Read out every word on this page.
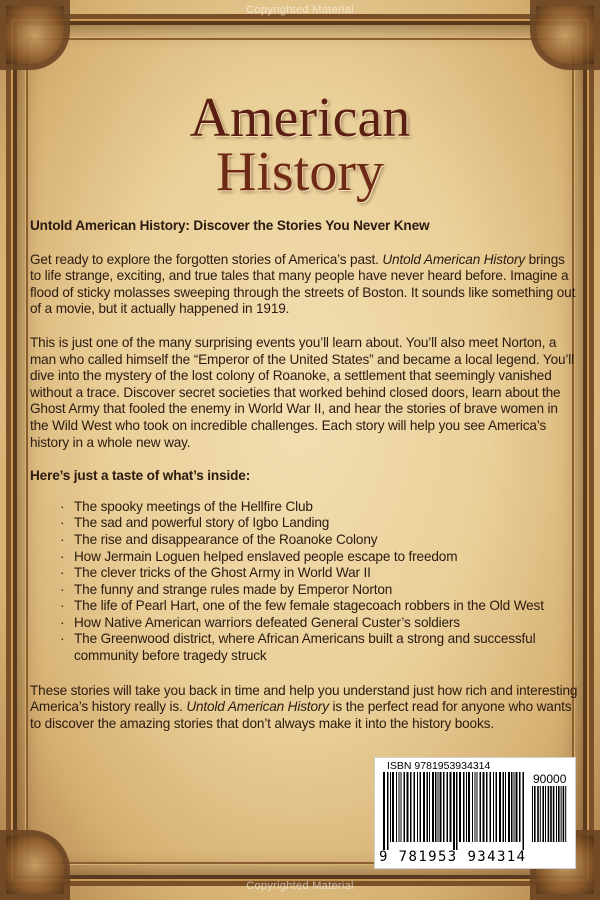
Copyrighted Material
American
History

Untold American History: Discover the Stories You Never Knew

Get ready to explore the forgotten stories of America’s past. Untold American History brings to life strange, exciting, and true tales that many people have never heard before. Imagine a flood of sticky molasses sweeping through the streets of Boston. It sounds like something out of a movie, but it actually happened in 1919.

This is just one of the many surprising events you’ll learn about. You’ll also meet Norton, a man who called himself the “Emperor of the United States” and became a local legend. You’ll dive into the mystery of the lost colony of Roanoke, a settlement that seemingly vanished without a trace. Discover secret societies that worked behind closed doors, learn about the Ghost Army that fooled the enemy in World War II, and hear the stories of brave women in the Wild West who took on incredible challenges. Each story will help you see America’s history in a whole new way.

Here’s just a taste of what’s inside:

· The spooky meetings of the Hellfire Club
· The sad and powerful story of Igbo Landing
· The rise and disappearance of the Roanoke Colony
· How Jermain Loguen helped enslaved people escape to freedom
· The clever tricks of the Ghost Army in World War II
· The funny and strange rules made by Emperor Norton
· The life of Pearl Hart, one of the few female stagecoach robbers in the Old West
· How Native American warriors defeated General Custer’s soldiers
· The Greenwood district, where African Americans built a strong and successful community before tragedy struck

These stories will take you back in time and help you understand just how rich and interesting America’s history really is. Untold American History is the perfect read for anyone who wants to discover the amazing stories that don’t always make it into the history books.

ISBN 9781953934314
90000
9 781953 934314
Copyrighted Material
